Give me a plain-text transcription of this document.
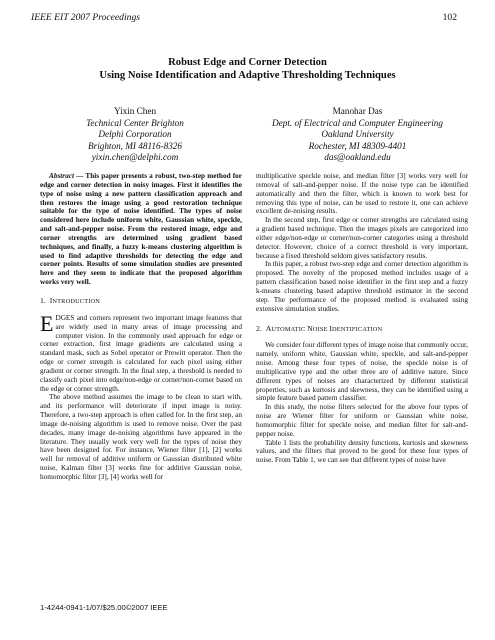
IEEE EIT 2007 Proceedings	102
Robust Edge and Corner Detection
Using Noise Identification and Adaptive Thresholding Techniques
Yixin Chen
Technical Center Brighton
Delphi Corporation
Brighton, MI 48116-8326
yixin.chen@delphi.com
Manohar Das
Dept. of Electrical and Computer Engineering
Oakland University
Rochester, MI 48309-4401
das@oakland.edu

Abstract — This paper presents a robust, two-step method for edge and corner detection in noisy images. First it identifies the type of noise using a new pattern classification approach and then restores the image using a good restoration technique suitable for the type of noise identified. The types of noise considered here include uniform white, Gaussian white, speckle, and salt-and-pepper noise. From the restored image, edge and corner strengths are determined using gradient based techniques, and finally, a fuzzy k-means clustering algorithm is used to find adaptive thresholds for detecting the edge and corner points. Results of some simulation studies are presented here and they seem to indicate that the proposed algorithm works very well.

1. INTRODUCTION

EDGES and corners represent two important image features that are widely used in many areas of image processing and computer vision. In the commonly used approach for edge or corner extraction, first image gradients are calculated using a standard mask, such as Sobel operator or Prewitt operator. Then the edge or corner strength is calculated for each pixel using either gradient or corner strength. In the final step, a threshold is needed to classify each pixel into edge/non-edge or corner/non-corner based on the edge or corner strength.

The above method assumes the image to be clean to start with, and its performance will deteriorate if input image is noisy. Therefore, a two-step approach is often called for. In the first step, an image de-noising algorithm is used to remove noise. Over the past decades, many image de-noising algorithms have appeared in the literature. They usually work very well for the types of noise they have been designed for. For instance, Wiener filter [1], [2] works well for removal of additive uniform or Gaussian distributed white noise, Kalman filter [3] works fine for additive Gaussian noise, homomorphic filter [3], [4] works well for

multiplicative speckle noise, and median filter [3] works very well for removal of salt-and-pepper noise. If the noise type can be identified automatically and then the filter, which is known to work best for removing this type of noise, can be used to restore it, one can achieve excellent de-noising results.

In the second step, first edge or corner strengths are calculated using a gradient based technique. Then the images pixels are categorized into either edge/non-edge or corner/non-corner categories using a threshold detector. However, choice of a correct threshold is very important, because a fixed threshold seldom gives satisfactory results.

In this paper, a robust two-step edge and corner detection algorithm is proposed. The novelty of the proposed method includes usage of a pattern classification based noise identifier in the first step and a fuzzy k-means clustering based adaptive threshold estimator in the second step. The performance of the proposed method is evaluated using extensive simulation studies.

2. AUTOMATIC NOISE IDENTIFICATION

We consider four different types of image noise that commonly occur, namely, uniform white, Gaussian white, speckle, and salt-and-pepper noise. Among these four types of noise, the speckle noise is of multiplicative type and the other three are of additive nature. Since different types of noises are characterized by different statistical properties, such as kurtosis and skewness, they can be identified using a simple feature based pattern classifier.

In this study, the noise filters selected for the above four types of noise are Wiener filter for uniform or Gaussian white noise, homomorphic filter for speckle noise, and median filter for salt-and-pepper noise.

Table 1 lists the probability density functions, kurtosis and skewness values, and the filters that proved to be good for these four types of noise. From Table 1, we can see that different types of noise have

1-4244-0941-1/07/$25.00©2007 IEEE
